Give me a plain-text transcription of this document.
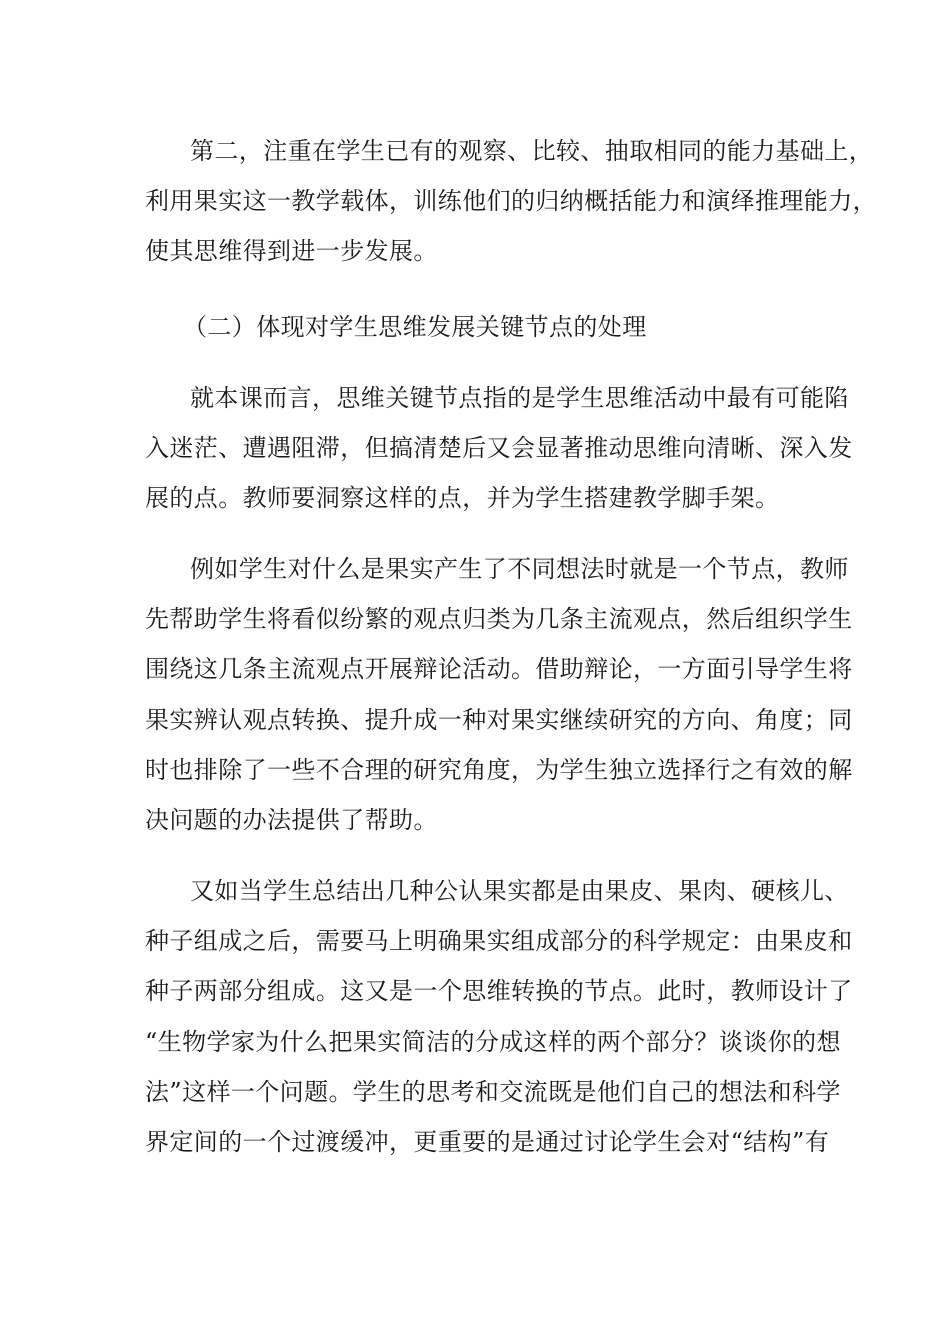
第二，注重在学生已有的观察、比较、抽取相同的能力基础上，
利用果实这一教学载体，训练他们的归纳概括能力和演绎推理能力，
使其思维得到进一步发展。
（二）体现对学生思维发展关键节点的处理
就本课而言，思维关键节点指的是学生思维活动中最有可能陷
入迷茫、遭遇阻滞，但搞清楚后又会显著推动思维向清晰、深入发
展的点。教师要洞察这样的点，并为学生搭建教学脚手架。
例如学生对什么是果实产生了不同想法时就是一个节点，教师
先帮助学生将看似纷繁的观点归类为几条主流观点，然后组织学生
围绕这几条主流观点开展辩论活动。借助辩论，一方面引导学生将
果实辨认观点转换、提升成一种对果实继续研究的方向、角度；同
时也排除了一些不合理的研究角度，为学生独立选择行之有效的解
决问题的办法提供了帮助。
又如当学生总结出几种公认果实都是由果皮、果肉、硬核儿、
种子组成之后，需要马上明确果实组成部分的科学规定：由果皮和
种子两部分组成。这又是一个思维转换的节点。此时，教师设计了
“生物学家为什么把果实简洁的分成这样的两个部分？谈谈你的想
法”这样一个问题。学生的思考和交流既是他们自己的想法和科学
界定间的一个过渡缓冲，更重要的是通过讨论学生会对“结构”有
